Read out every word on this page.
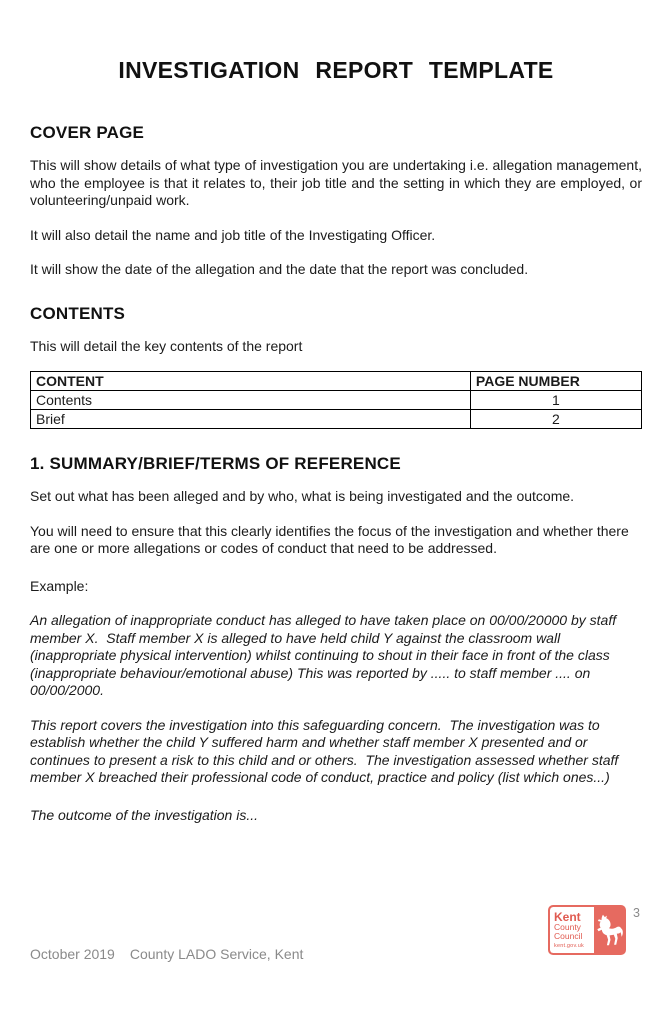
INVESTIGATION REPORT TEMPLATE
COVER PAGE

This will show details of what type of investigation you are undertaking i.e. allegation management, who the employee is that it relates to, their job title and the setting in which they are employed, or volunteering/unpaid work.

It will also detail the name and job title of the Investigating Officer.

It will show the date of the allegation and the date that the report was concluded.

CONTENTS

This will detail the key contents of the report

CONTENT	PAGE NUMBER
Contents	1
Brief	2
1. SUMMARY/BRIEF/TERMS OF REFERENCE

Set out what has been alleged and by who, what is being investigated and the outcome.

You will need to ensure that this clearly identifies the focus of the investigation and whether there are one or more allegations or codes of conduct that need to be addressed.

Example:

An allegation of inappropriate conduct has alleged to have taken place on 00/00/20000 by staff member X.  Staff member X is alleged to have held child Y against the classroom wall (inappropriate physical intervention) whilst continuing to shout in their face in front of the class (inappropriate behaviour/emotional abuse) This was reported by ..... to staff member .... on 00/00/2000.

This report covers the investigation into this safeguarding concern.  The investigation was to establish whether the child Y suffered harm and whether staff member X presented and or continues to present a risk to this child and or others.  The investigation assessed whether staff member X breached their professional code of conduct, practice and policy (list which ones...)

The outcome of the investigation is...

October 2019 County LADO Service, Kent
Kent
County
Council
kent.gov.uk
3
